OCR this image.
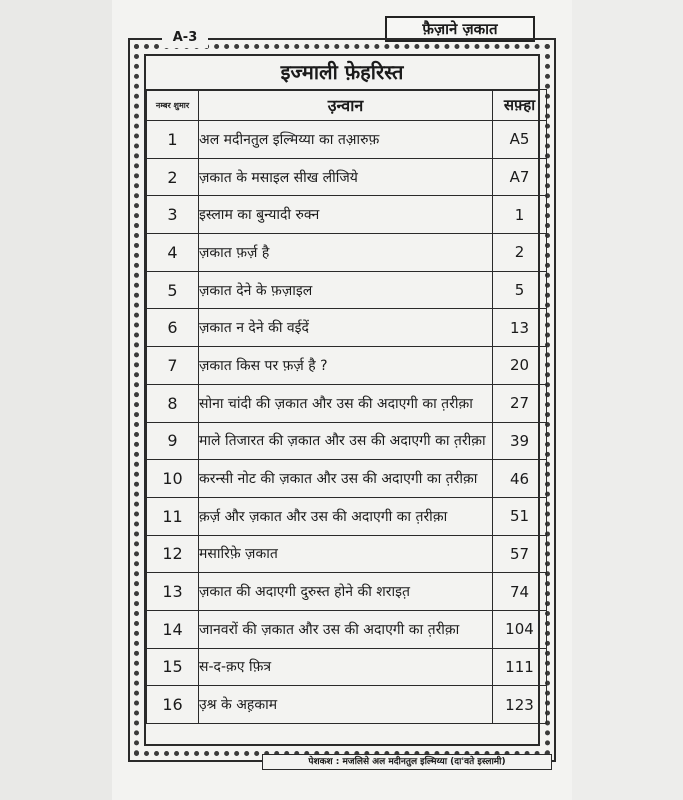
फ़ैज़ाने ज़कात
A-3
इज्माली फ़ेहरिस्त
नम्बर शुमार	उ़न्वान	सफ़्हा
1	अल मदीनतुल इल्मिय्या का तआ़रुफ़	A5
2	ज़कात के मसाइल सीख लीजिये	A7
3	इस्लाम का बुन्यादी रुक्न	1
4	ज़कात फ़र्ज़ है	2
5	ज़कात देने के फ़ज़ाइल	5
6	ज़कात न देने की वईदें	13
7	ज़कात किस पर फ़र्ज़ है ?	20
8	सोना चांदी की ज़कात और उस की अदाएगी का त़रीक़ा	27
9	माले तिजारत की ज़कात और उस की अदाएगी का त़रीक़ा	39
10	करन्सी नोट की ज़कात और उस की अदाएगी का त़रीक़ा	46
11	क़र्ज़ और ज़कात और उस की अदाएगी का त़रीक़ा	51
12	मसारिफ़े ज़कात	57
13	ज़कात की अदाएगी दुरुस्त होने की शराइत़	74
14	जानवरों की ज़कात और उस की अदाएगी का त़रीक़ा	104
15	स-द-क़ए फ़ित्र	111
16	उ़श्र के अह़काम	123
पेशकश : मजलिसे अल मदीनतुल इल्मिय्या (दा'वते इस्लामी)
